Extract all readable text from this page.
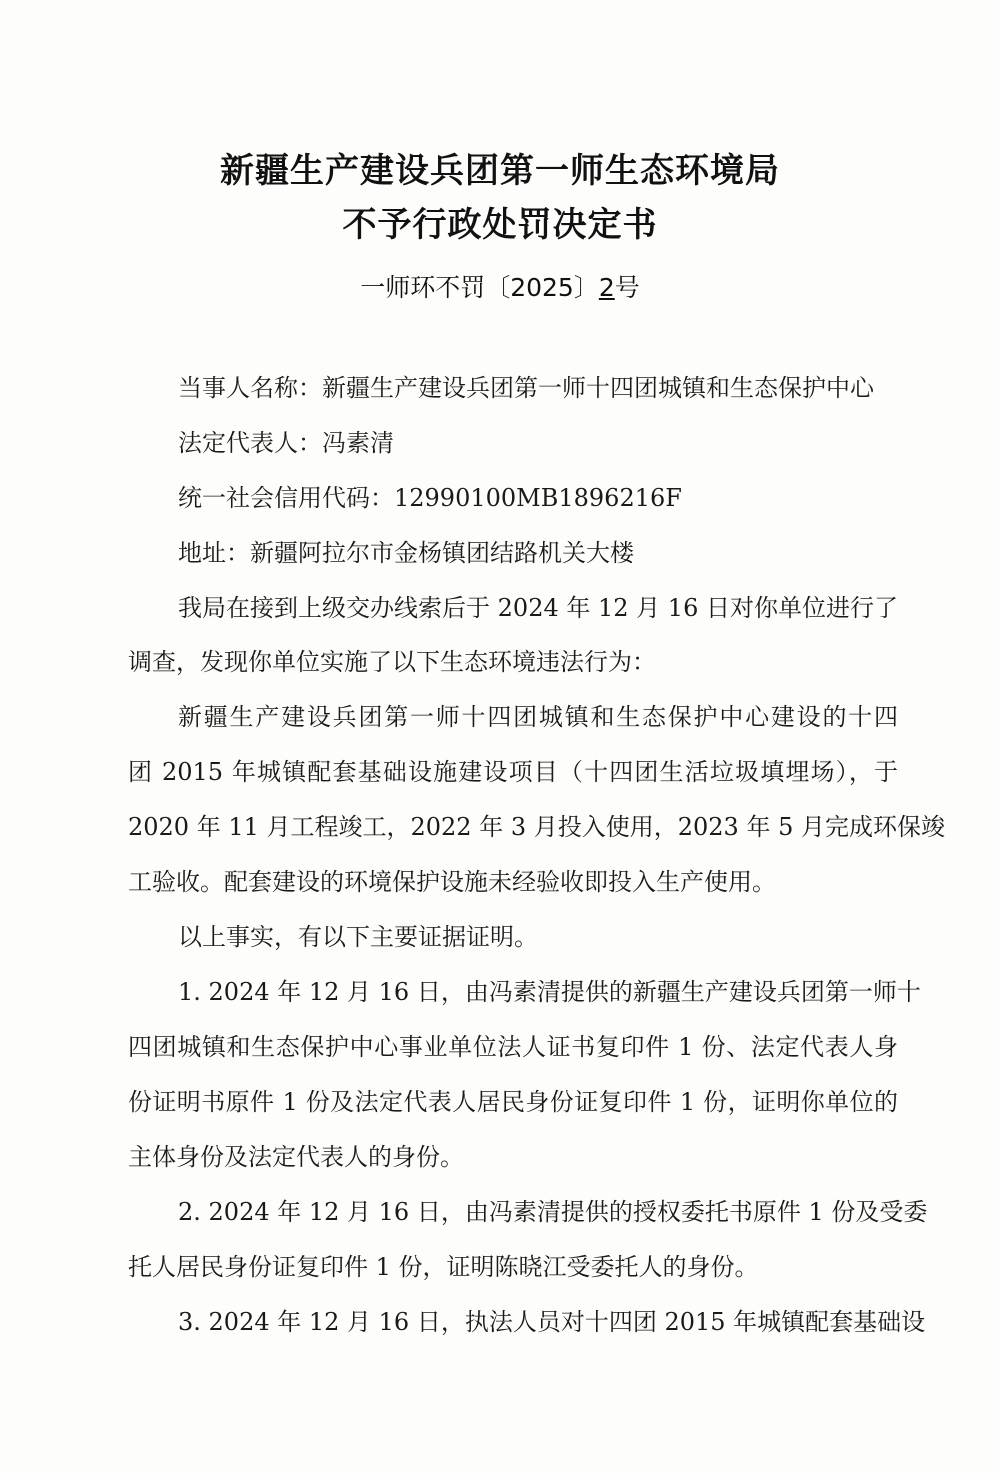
新疆生产建设兵团第一师生态环境局
不予行政处罚决定书
一师环不罚〔2025〕2号
当事人名称：新疆生产建设兵团第一师十四团城镇和生态保护中心
法定代表人：冯素清
统一社会信用代码：12990100MB1896216F
地址：新疆阿拉尔市金杨镇团结路机关大楼
我局在接到上级交办线索后于 2024 年 12 月 16 日对你单位进行了
调查，发现你单位实施了以下生态环境违法行为：
新疆生产建设兵团第一师十四团城镇和生态保护中心建设的十四
团 2015 年城镇配套基础设施建设项目（十四团生活垃圾填埋场），于
2020 年 11 月工程竣工，2022 年 3 月投入使用，2023 年 5 月完成环保竣
工验收。配套建设的环境保护设施未经验收即投入生产使用。
以上事实，有以下主要证据证明。
1. 2024 年 12 月 16 日，由冯素清提供的新疆生产建设兵团第一师十
四团城镇和生态保护中心事业单位法人证书复印件 1 份、法定代表人身
份证明书原件 1 份及法定代表人居民身份证复印件 1 份，证明你单位的
主体身份及法定代表人的身份。
2. 2024 年 12 月 16 日，由冯素清提供的授权委托书原件 1 份及受委
托人居民身份证复印件 1 份，证明陈晓江受委托人的身份。
3. 2024 年 12 月 16 日，执法人员对十四团 2015 年城镇配套基础设
